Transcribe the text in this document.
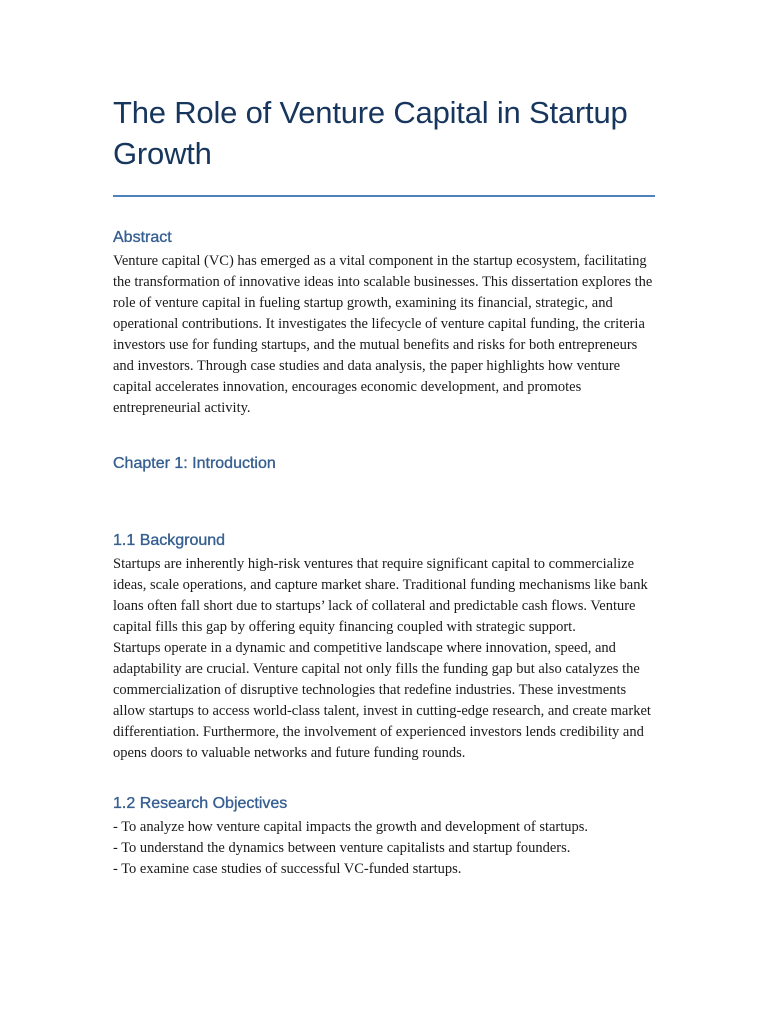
The Role of Venture Capital in Startup Growth
Abstract

Venture capital (VC) has emerged as a vital component in the startup ecosystem, facilitating the transformation of innovative ideas into scalable businesses. This dissertation explores the role of venture capital in fueling startup growth, examining its financial, strategic, and operational contributions. It investigates the lifecycle of venture capital funding, the criteria investors use for funding startups, and the mutual benefits and risks for both entrepreneurs and investors. Through case studies and data analysis, the paper highlights how venture capital accelerates innovation, encourages economic development, and promotes entrepreneurial activity.

Chapter 1: Introduction
1.1 Background

Startups are inherently high-risk ventures that require significant capital to commercialize ideas, scale operations, and capture market share. Traditional funding mechanisms like bank loans often fall short due to startups’ lack of collateral and predictable cash flows. Venture capital fills this gap by offering equity financing coupled with strategic support.

Startups operate in a dynamic and competitive landscape where innovation, speed, and adaptability are crucial. Venture capital not only fills the funding gap but also catalyzes the commercialization of disruptive technologies that redefine industries. These investments allow startups to access world-class talent, invest in cutting-edge research, and create market differentiation. Furthermore, the involvement of experienced investors lends credibility and opens doors to valuable networks and future funding rounds.

1.2 Research Objectives
- To analyze how venture capital impacts the growth and development of startups.
- To understand the dynamics between venture capitalists and startup founders.
- To examine case studies of successful VC-funded startups.
